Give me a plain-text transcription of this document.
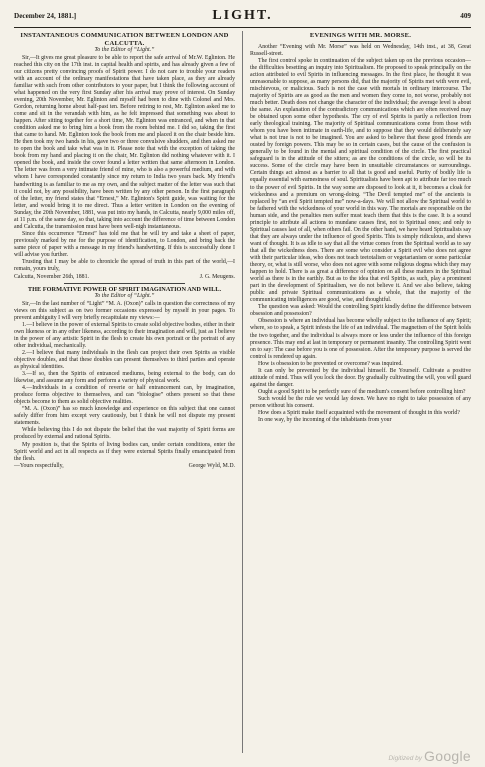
December 24, 1881.]	LIGHT.	409
INSTANTANEOUS COMMUNICATION BETWEEN LONDON AND CALCUTTA.
To the Editor of “Light.”

Sir,—It gives me great pleasure to be able to report the safe arrival of Mr.W. Eglinton. He reached this city on the 17th inst. in capital health and spirits, and has already given a few of our citizens pretty convincing proofs of Spirit power. I do not care to trouble your readers with an account of the ordinary manifestations that have taken place, as they are already familiar with such from other contributors to your paper, but I think the following account of what happened on the very first Sunday after his arrival may prove of interest. On Sunday evening, 20th November, Mr. Eglinton and myself had been to dine with Colonel and Mrs. Gordon, returning home about half-past ten. Before retiring to rest, Mr. Eglinton asked me to come and sit in the verandah with him, as he felt impressed that something was about to happen. After sitting together for a short time, Mr. Eglinton was entranced, and when in that condition asked me to bring him a book from the room behind me. I did so, taking the first that came to hand. Mr. Eglinton took the book from me and placed it on the chair beside him. He then took my two hands in his, gave two or three convulsive shudders, and then asked me to open the book and take what was in it. Please note that with the exception of taking the book from my hand and placing it on the chair, Mr. Eglinton did nothing whatever with it. I opened the book, and inside the cover found a letter written that same afternoon in London. The letter was from a very intimate friend of mine, who is also a powerful medium, and with whom I have corresponded constantly since my return to India two years back. My friend's handwriting is as familiar to me as my own, and the subject matter of the letter was such that it could not, by any possibility, have been written by any other person. In the first paragraph of the letter, my friend states that “Ernest,” Mr. Eglinton's Spirit guide, was waiting for the letter, and would bring it to me direct. Thus a letter written in London on the evening of Sunday, the 20th November, 1881, was put into my hands, in Calcutta, nearly 9,000 miles off, at 11 p.m. of the same day, so that, taking into account the difference of time between London and Calcutta, the transmission must have been well-nigh instantaneous.

Since this occurrence “Ernest” has told me that he will try and take a sheet of paper, previously marked by me for the purpose of identification, to London, and bring back the same piece of paper with a message in my friend's handwriting. If this is successfully done I will advise you further.

Trusting that I may be able to chronicle the spread of truth in this part of the world,—I remain, yours truly,

Calcutta, November 26th, 1881.	J. G. Meugens.
THE FORMATIVE POWER OF SPIRIT IMAGINATION AND WILL.
To the Editor of “Light.”

Sir,—In the last number of “Light” “M. A. (Oxon)” calls in question the correctness of my views on this subject as on two former occasions expressed by myself in your pages. To prevent ambiguity I will very briefly recapitulate my views:—

1.—I believe in the power of external Spirits to create solid objective bodies, either in their own likeness or in any other likeness, according to their imagination and will, just as I believe in the power of any artistic Spirit in the flesh to create his own portrait or the portrait of any other individual, mechanically.

2.—I believe that many individuals in the flesh can project their own Spirits as visible objective doubles, and that these doubles can present themselves to third parties and operate as physical identities.

3.—If so, then the Spirits of entranced mediums, being external to the body, can do likewise, and assume any form and perform a variety of physical work.

4.—Individuals in a condition of reverie or half entrancement can, by imagination, produce forms objective to themselves, and can “biologise” others present so that these objects become to them as solid objective realities.

“M. A. (Oxon)” has so much knowledge and experience on this subject that one cannot safely differ from him except very cautiously, but I think he will not dispute my present statements.

While believing this I do not dispute the belief that the vast majority of Spirit forms are produced by external and rational Spirits.

My position is, that the Spirits of living bodies can, under certain conditions, enter the Spirit world and act in all respects as if they were external Spirits finally emancipated from the flesh.

—Yours respectfully,	George Wyld, M.D.
EVENINGS WITH MR. MORSE.

Another “Evening with Mr. Morse” was held on Wednesday, 14th inst., at 38, Great Russell-street.

The first control spoke in continuation of the subject taken up on the previous occasion—the difficulties besetting an inquiry into Spiritualism. He proposed to speak principally on the action attributed to evil Spirits in influencing messages. In the first place, he thought it was unreasonable to suppose, as many persons did, that the majority of Spirits met with were evil, mischievous, or malicious. Such is not the case with mortals in ordinary intercourse. The majority of Spirits are as good as the men and women they come to, not worse, probably not much better. Death does not change the character of the individual; the average level is about the same. An explanation of the contradictory communications which are often received may be obtained upon some other hypothesis. The cry of evil Spirits is partly a reflection from early theological training. The majority of Spiritual communications come from those with whom you have been intimate in earth-life, and to suppose that they would deliberately say what is not true is not to be imagined. You are asked to believe that these good friends are ousted by foreign powers. This may be so in certain cases, but the cause of the confusion is generally to be found in the mental and spiritual condition of the circle. The first practical safeguard is in the attitude of the sitters; as are the conditions of the circle, so will be its success. Some of the circle may have been in unsuitable circumstances or surroundings. Certain things act almost as a barrier to all that is good and useful. Purity of bodily life is equally essential with earnestness of soul. Spiritualists have been apt to attribute far too much to the power of evil Spirits. In the way some are disposed to look at it, it becomes a cloak for wickedness and a premium on wrong-doing. “The Devil tempted me” of the ancients is replaced by “an evil Spirit tempted me” now-a-days. We will not allow the Spiritual world to be fathered with the wickedness of your world in this way. The mortals are responsible on the human side, and the penalties men suffer must teach them that this is the case. It is a sound principle to attribute all actions to mundane causes first, not to Spiritual ones; and only to Spiritual causes last of all, when others fail. On the other hand, we have heard Spiritualists say that they are always under the influence of good Spirits. This is simply ridiculous, and shews want of thought. It is as idle to say that all the virtue comes from the Spiritual world as to say that all the wickedness does. There are some who consider a Spirit evil who does not agree with their particular ideas, who does not teach teetotalism or vegetarianism or some particular theory, or, what is still worse, who does not agree with some religious dogma which they may happen to hold. There is as great a difference of opinion on all these matters in the Spiritual world as there is in the earthly. But as to the idea that evil Spirits, as such, play a prominent part in the development of Spiritualism, we do not believe it. And we also believe, taking public and private Spiritual communications as a whole, that the majority of the communicating intelligences are good, wise, and thoughtful.

The question was asked: Would the controlling Spirit kindly define the difference between obsession and possession?

Obsession is where an individual has become wholly subject to the influence of any Spirit; where, so to speak, a Spirit infests the life of an individual. The magnetism of the Spirit holds the two together, and the individual is always more or less under the influence of this foreign presence. This may end at last in temporary or permanent insanity. The controlling Spirit went on to say: The case before you is one of possession. After the temporary purpose is served the control is rendered up again.

How is obsession to be prevented or overcome? was inquired.

It can only be prevented by the individual himself. Be Yourself. Cultivate a positive attitude of mind. Thus will you lock the door. By gradually cultivating the will, you will guard against the danger.

Ought a good Spirit to be perfectly sure of the medium's consent before controlling him?

Such would be the rule we would lay down. We have no right to take possession of any person without his consent.

How does a Spirit make itself acquainted with the movement of thought in this world?

In one way, by the incoming of the inhabitants from your

Digitized by Google
